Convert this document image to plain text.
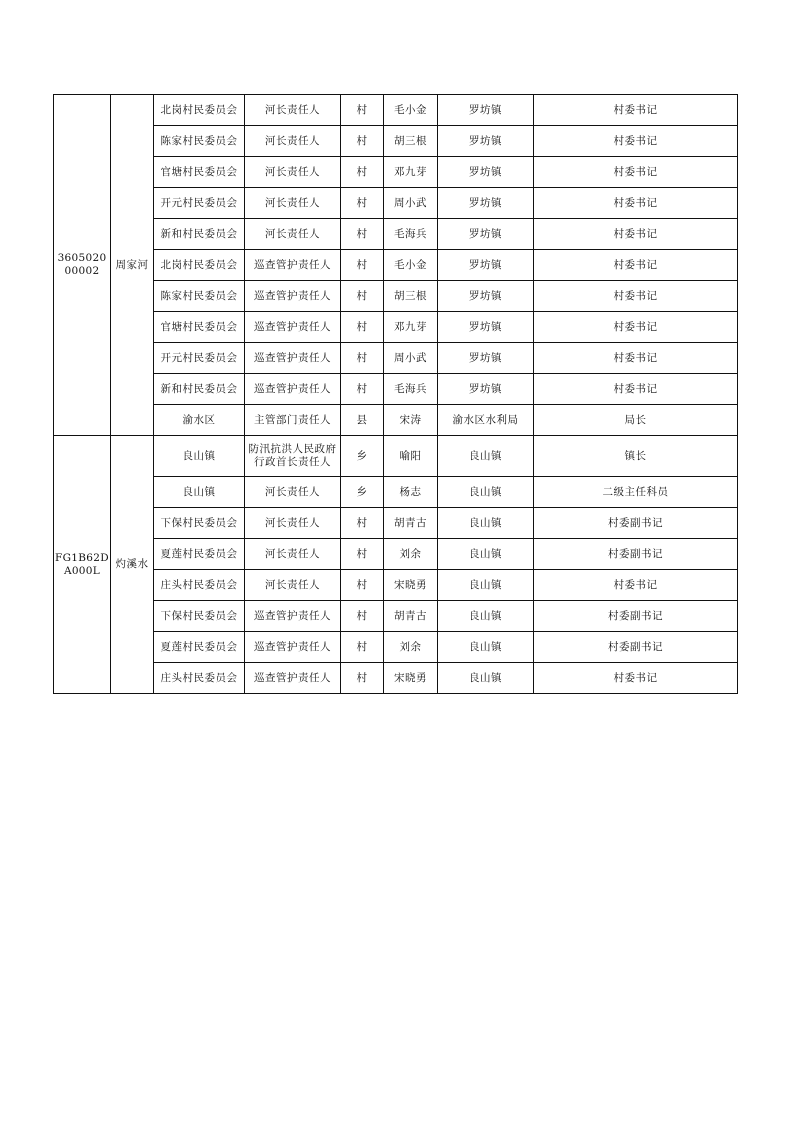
360502000002	周家河	北岗村民委员会	河长责任人	村	毛小金	罗坊镇	村委书记
		陈家村民委员会	河长责任人	村	胡三根	罗坊镇	村委书记
		官塘村民委员会	河长责任人	村	邓九芽	罗坊镇	村委书记
		开元村民委员会	河长责任人	村	周小武	罗坊镇	村委书记
		新和村民委员会	河长责任人	村	毛海兵	罗坊镇	村委书记
		北岗村民委员会	巡查管护责任人	村	毛小金	罗坊镇	村委书记
		陈家村民委员会	巡查管护责任人	村	胡三根	罗坊镇	村委书记
		官塘村民委员会	巡查管护责任人	村	邓九芽	罗坊镇	村委书记
		开元村民委员会	巡查管护责任人	村	周小武	罗坊镇	村委书记
		新和村民委员会	巡查管护责任人	村	毛海兵	罗坊镇	村委书记
		渝水区	主管部门责任人	县	宋涛	渝水区水利局	局长
FG1B62DA000L	灼溪水	良山镇	防汛抗洪人民政府行政首长责任人	乡	喻阳	良山镇	镇长
		良山镇	河长责任人	乡	杨志	良山镇	二级主任科员
		下保村民委员会	河长责任人	村	胡青古	良山镇	村委副书记
		夏莲村民委员会	河长责任人	村	刘余	良山镇	村委副书记
		庄头村民委员会	河长责任人	村	宋晓勇	良山镇	村委书记
		下保村民委员会	巡查管护责任人	村	胡青古	良山镇	村委副书记
		夏莲村民委员会	巡查管护责任人	村	刘余	良山镇	村委副书记
		庄头村民委员会	巡查管护责任人	村	宋晓勇	良山镇	村委书记
